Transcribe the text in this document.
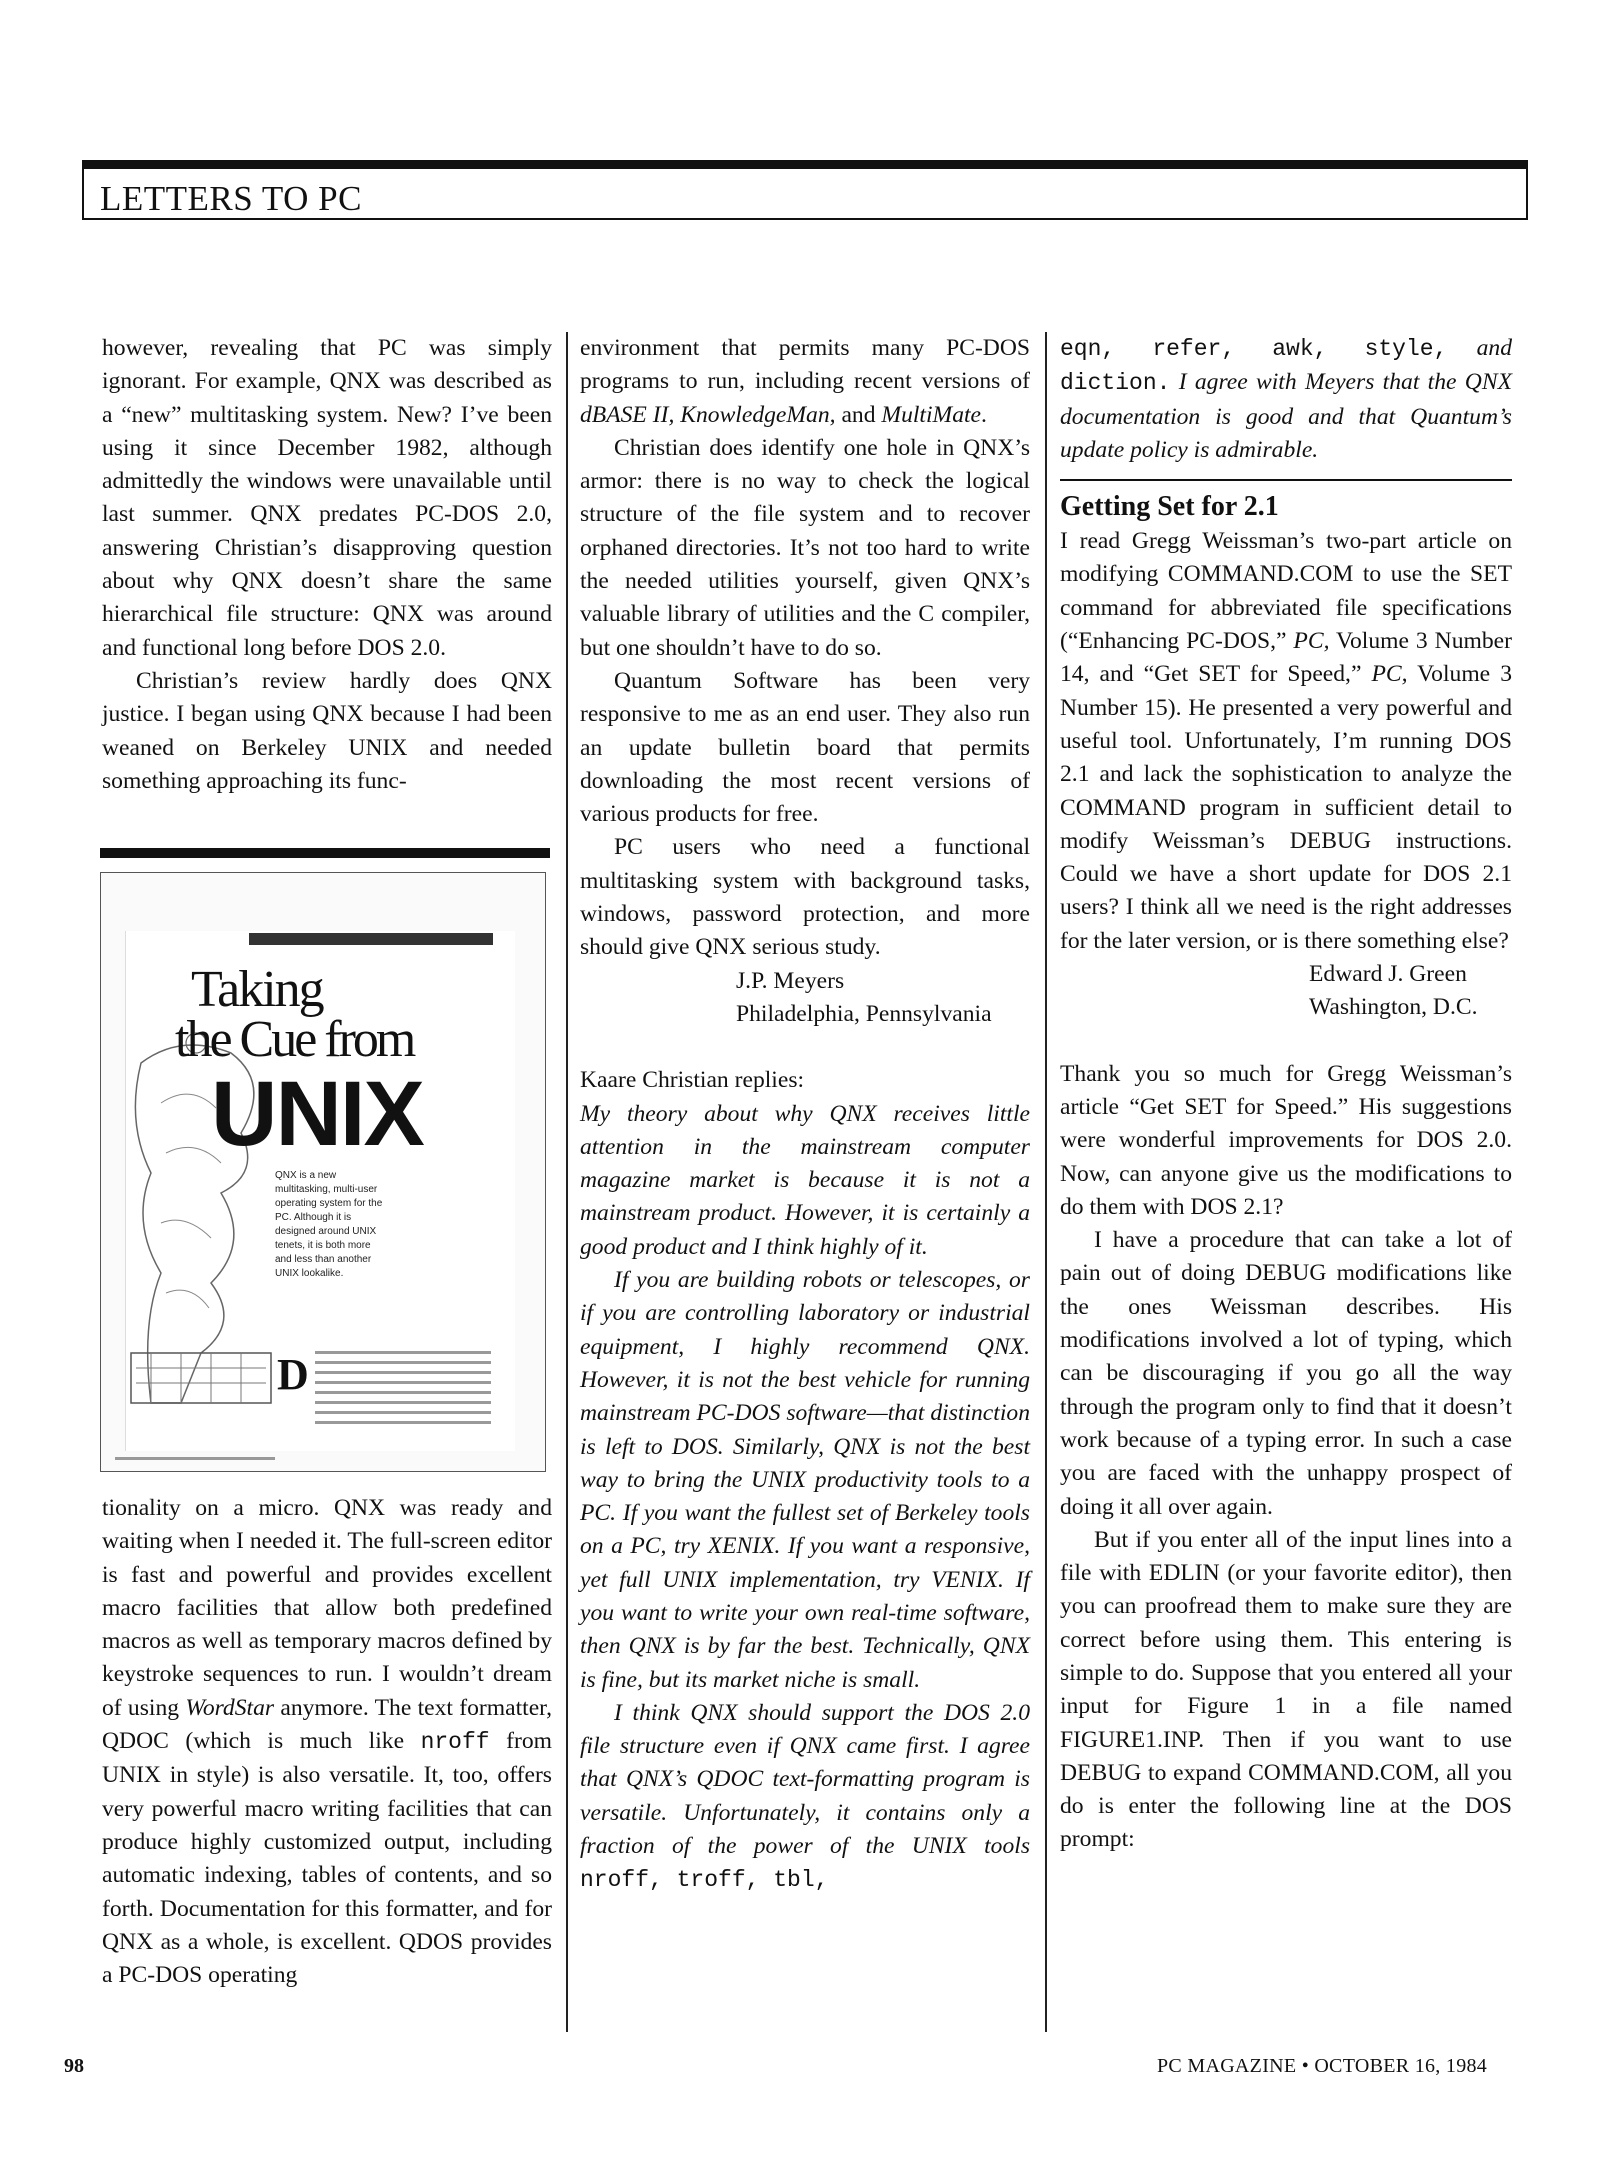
LETTERS TO PC

however, revealing that PC was simply ignorant. For example, QNX was described as a “new” multitasking system. New? I’ve been using it since December 1982, although admittedly the windows were unavailable until last summer. QNX predates PC-DOS 2.0, answering Christian’s disapproving question about why QNX doesn’t share the same hierarchical file structure: QNX was around and functional long before DOS 2.0.

Christian’s review hardly does QNX justice. I began using QNX because I had been weaned on Berkeley UNIX and needed something approaching its func-

Taking
the Cue from
UNIX
QNX is a new multitasking, multi-user operating system for the PC. Although it is designed around UNIX tenets, it is both more and less than another UNIX lookalike.
D

tionality on a micro. QNX was ready and waiting when I needed it. The full-screen editor is fast and powerful and provides excellent macro facilities that allow both predefined macros as well as temporary macros defined by keystroke sequences to run. I wouldn’t dream of using WordStar anymore. The text formatter, QDOC (which is much like nroff from UNIX in style) is also versatile. It, too, offers very powerful macro writing facilities that can produce highly customized output, including automatic indexing, tables of contents, and so forth. Documentation for this formatter, and for QNX as a whole, is excellent. QDOS provides a PC-DOS operating

environment that permits many PC-DOS programs to run, including recent versions of dBASE II, KnowledgeMan, and MultiMate.

Christian does identify one hole in QNX’s armor: there is no way to check the logical structure of the file system and to recover orphaned directories. It’s not too hard to write the needed utilities yourself, given QNX’s valuable library of utilities and the C compiler, but one shouldn’t have to do so.

Quantum Software has been very responsive to me as an end user. They also run an update bulletin board that permits downloading the most recent versions of various products for free.

PC users who need a functional multitasking system with background tasks, windows, password protection, and more should give QNX serious study.

J.P. Meyers

Philadelphia, Pennsylvania

Kaare Christian replies:

My theory about why QNX receives little attention in the mainstream computer magazine market is because it is not a mainstream product. However, it is certainly a good product and I think highly of it.

If you are building robots or telescopes, or if you are controlling laboratory or industrial equipment, I highly recommend QNX. However, it is not the best vehicle for running mainstream PC-DOS software—that distinction is left to DOS. Similarly, QNX is not the best way to bring the UNIX productivity tools to a PC. If you want the fullest set of Berkeley tools on a PC, try XENIX. If you want a responsive, yet full UNIX implementation, try VENIX. If you want to write your own real-time software, then QNX is by far the best. Technically, QNX is fine, but its market niche is small.

I think QNX should support the DOS 2.0 file structure even if QNX came first. I agree that QNX’s QDOC text-formatting program is versatile. Unfortunately, it contains only a fraction of the power of the UNIX tools nroff, troff, tbl,

eqn, refer, awk, style, and diction. I agree with Meyers that the QNX documentation is good and that Quantum’s update policy is admirable.

Getting Set for 2.1

I read Gregg Weissman’s two-part article on modifying COMMAND.COM to use the SET command for abbreviated file specifications (“Enhancing PC-DOS,” PC, Volume 3 Number 14, and “Get SET for Speed,” PC, Volume 3 Number 15). He presented a very powerful and useful tool. Unfortunately, I’m running DOS 2.1 and lack the sophistication to analyze the COMMAND program in sufficient detail to modify Weissman’s DEBUG instructions. Could we have a short update for DOS 2.1 users? I think all we need is the right addresses for the later version, or is there something else?

Edward J. Green

Washington, D.C.

Thank you so much for Gregg Weissman’s article “Get SET for Speed.” His suggestions were wonderful improvements for DOS 2.0. Now, can anyone give us the modifications to do them with DOS 2.1?

I have a procedure that can take a lot of pain out of doing DEBUG modifications like the ones Weissman describes. His modifications involved a lot of typing, which can be discouraging if you go all the way through the program only to find that it doesn’t work because of a typing error. In such a case you are faced with the unhappy prospect of doing it all over again.

But if you enter all of the input lines into a file with EDLIN (or your favorite editor), then you can proofread them to make sure they are correct before using them. This entering is simple to do. Suppose that you entered all your input for Figure 1 in a file named FIGURE1.INP. Then if you want to use DEBUG to expand COMMAND.COM, all you do is enter the following line at the DOS prompt:

98	PC MAGAZINE • OCTOBER 16, 1984
